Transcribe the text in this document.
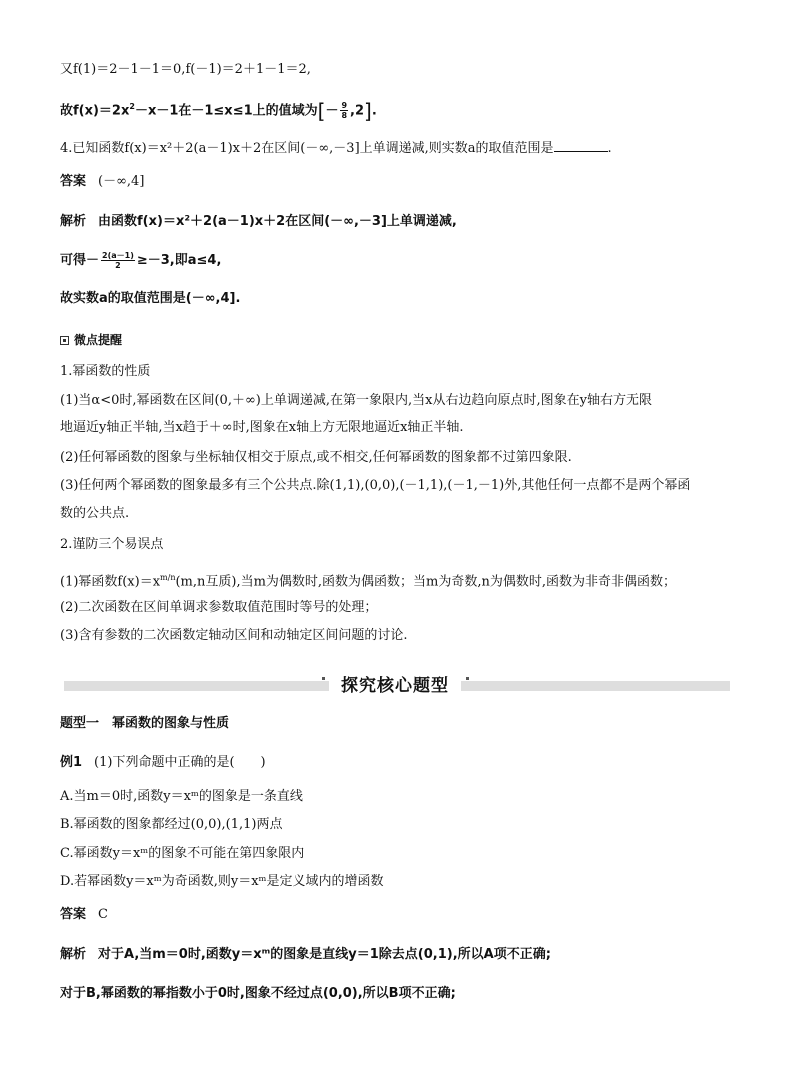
又f(1)＝2－1－1＝0,f(－1)＝2＋1－1＝2,
故$f(x)=2x^2-x-1$在－1≤x≤1上的值域为[－ $\frac{9}{8} ,2$].
4.已知函数f(x)＝x²＋2(a－1)x＋2在区间(－∞,－3]上单调递减,则实数a的取值范围是	.
答案 (－∞,4]
解析 由函数f(x)＝x²＋2(a－1)x＋2在区间(－∞,－3]上单调递减,
可得－ $\frac{2(a-1)}{2} \ge-3$,即a≤4,
故实数a的取值范围是(－∞,4].
微点提醒
1.幂函数的性质
(1)当α<0时,幂函数在区间(0,＋∞)上单调递减,在第一象限内,当x从右边趋向原点时,图象在y轴右方无限
地逼近y轴正半轴,当x趋于＋∞时,图象在x轴上方无限地逼近x轴正半轴.
(2)任何幂函数的图象与坐标轴仅相交于原点,或不相交,任何幂函数的图象都不过第四象限.
(3)任何两个幂函数的图象最多有三个公共点.除(1,1),(0,0),(－1,1),(－1,－1)外,其他任何一点都不是两个幂函
数的公共点.
2.谨防三个易误点
(1)幂函数$f(x)=x^{m/n}(m,n$互质),当m为偶数时,函数为偶函数；当m为奇数,n为偶数时,函数为非奇非偶函数；
(2)二次函数在区间单调求参数取值范围时等号的处理；
(3)含有参数的二次函数定轴动区间和动轴定区间问题的讨论.
探究核心题型
题型一　幂函数的图象与性质
例1 (1)下列命题中正确的是(　　)
A.当m＝0时,函数y＝xᵐ的图象是一条直线
B.幂函数的图象都经过(0,0),(1,1)两点
C.幂函数y＝xᵐ的图象不可能在第四象限内
D.若幂函数y＝xᵐ为奇函数,则y＝xᵐ是定义域内的增函数
答案 C
解析 对于A,当m＝0时,函数y＝xᵐ的图象是直线y＝1除去点(0,1),所以A项不正确;
对于B,幂函数的幂指数小于0时,图象不经过点(0,0),所以B项不正确;
